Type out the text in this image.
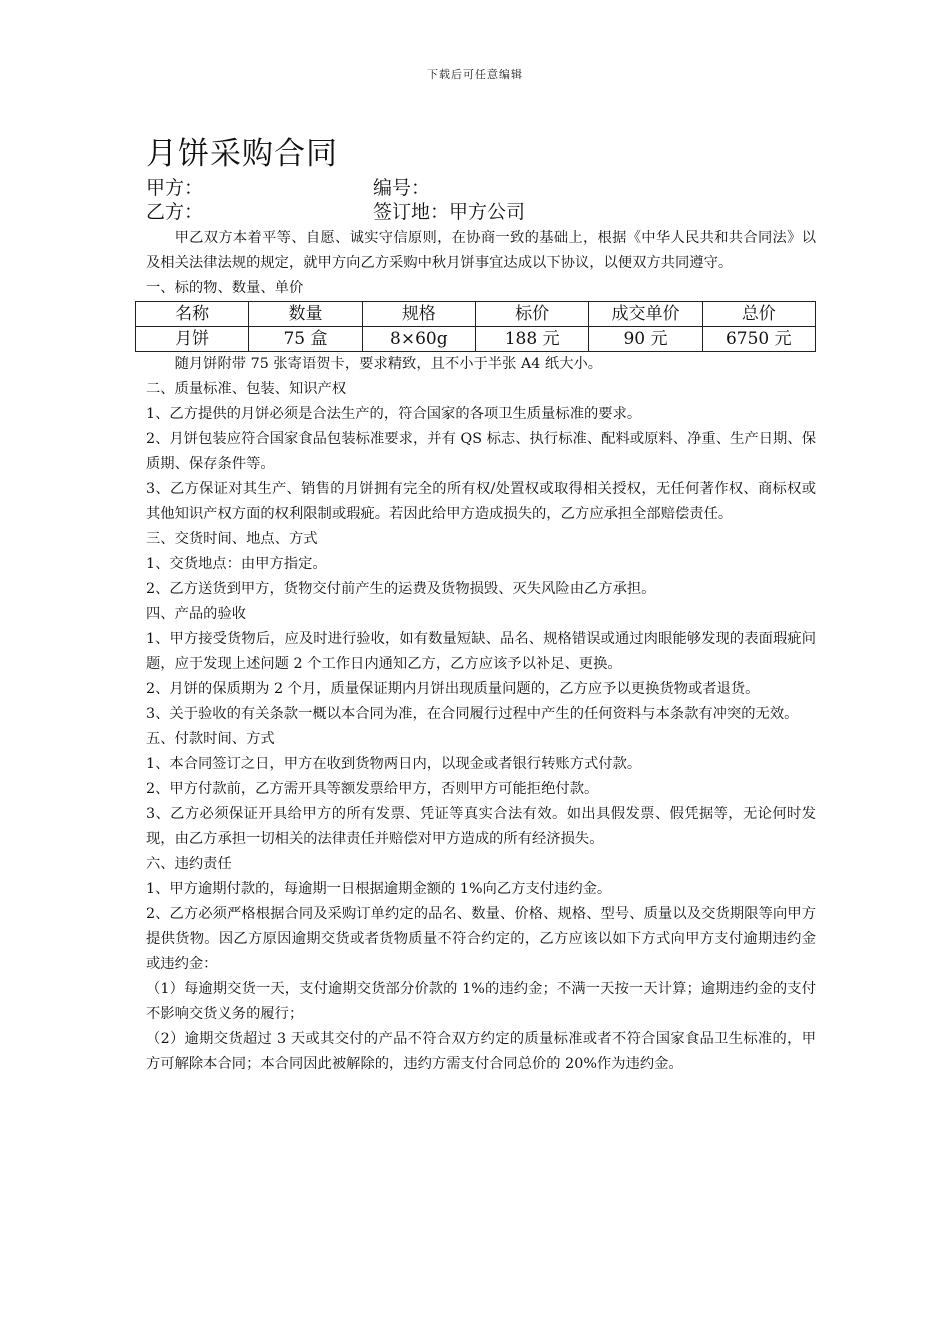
下载后可任意编辑
月饼采购合同
甲方：	编号：
乙方：	签订地：甲方公司

甲乙双方本着平等、自愿、诚实守信原则，在协商一致的基础上，根据《中华人民共和共合同法》以及相关法律法规的规定，就甲方向乙方采购中秋月饼事宜达成以下协议，以便双方共同遵守。

一、标的物、数量、单价

名称	数量	规格	标价	成交单价	总价
月饼	75 盒	8×60g	188 元	90 元	6750 元

随月饼附带 75 张寄语贺卡，要求精致，且不小于半张 A4 纸大小。

二、质量标准、包装、知识产权

1、乙方提供的月饼必须是合法生产的，符合国家的各项卫生质量标准的要求。

2、月饼包装应符合国家食品包装标准要求，并有 QS 标志、执行标准、配料或原料、净重、生产日期、保质期、保存条件等。

3、乙方保证对其生产、销售的月饼拥有完全的所有权/处置权或取得相关授权，无任何著作权、商标权或其他知识产权方面的权利限制或瑕疵。若因此给甲方造成损失的，乙方应承担全部赔偿责任。

三、交货时间、地点、方式

1、交货地点：由甲方指定。

2、乙方送货到甲方，货物交付前产生的运费及货物损毁、灭失风险由乙方承担。

四、产品的验收

1、甲方接受货物后，应及时进行验收，如有数量短缺、品名、规格错误或通过肉眼能够发现的表面瑕疵问题，应于发现上述问题 2 个工作日内通知乙方，乙方应该予以补足、更换。

2、月饼的保质期为 2 个月，质量保证期内月饼出现质量问题的，乙方应予以更换货物或者退货。

3、关于验收的有关条款一概以本合同为准，在合同履行过程中产生的任何资料与本条款有冲突的无效。

五、付款时间、方式

1、本合同签订之日，甲方在收到货物两日内，以现金或者银行转账方式付款。

2、甲方付款前，乙方需开具等额发票给甲方，否则甲方可能拒绝付款。

3、乙方必须保证开具给甲方的所有发票、凭证等真实合法有效。如出具假发票、假凭据等，无论何时发现，由乙方承担一切相关的法律责任并赔偿对甲方造成的所有经济损失。

六、违约责任

1、甲方逾期付款的，每逾期一日根据逾期金额的 1%向乙方支付违约金。

2、乙方必须严格根据合同及采购订单约定的品名、数量、价格、规格、型号、质量以及交货期限等向甲方提供货物。因乙方原因逾期交货或者货物质量不符合约定的，乙方应该以如下方式向甲方支付逾期违约金或违约金：

（1）每逾期交货一天，支付逾期交货部分价款的 1%的违约金；不满一天按一天计算；逾期违约金的支付不影响交货义务的履行；

（2）逾期交货超过 3 天或其交付的产品不符合双方约定的质量标准或者不符合国家食品卫生标准的，甲方可解除本合同；本合同因此被解除的，违约方需支付合同总价的 20%作为违约金。
